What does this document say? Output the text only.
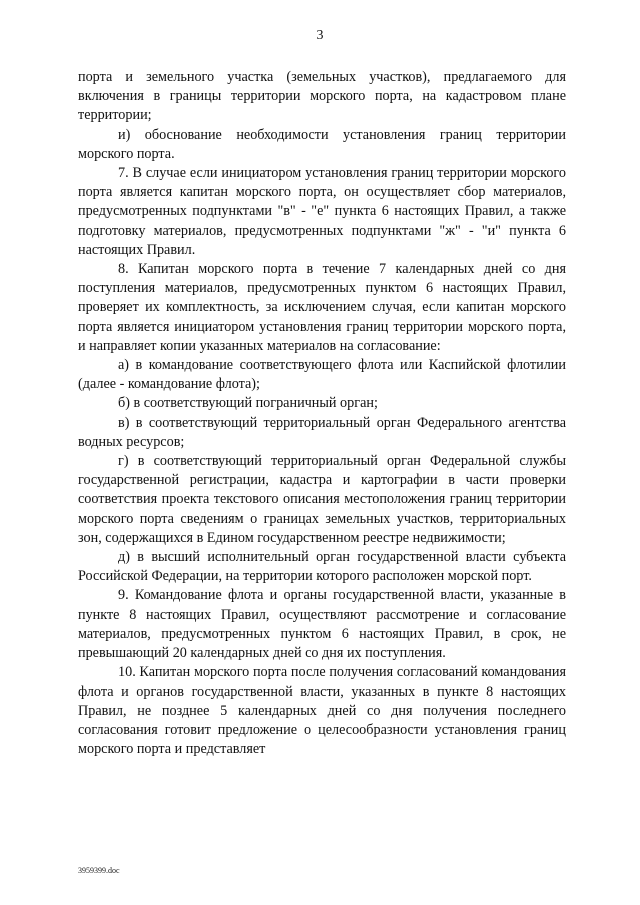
3

порта и земельного участка (земельных участков), предлагаемого для включения в границы территории морского порта, на кадастровом плане территории;

и) обоснование необходимости установления границ территории морского порта.

7. В случае если инициатором установления границ территории морского порта является капитан морского порта, он осуществляет сбор материалов, предусмотренных подпунктами "в" - "е" пункта 6 настоящих Правил, а также подготовку материалов, предусмотренных подпунктами "ж" - "и" пункта 6 настоящих Правил.

8. Капитан морского порта в течение 7 календарных дней со дня поступления материалов, предусмотренных пунктом 6 настоящих Правил, проверяет их комплектность, за исключением случая, если капитан морского порта является инициатором установления границ территории морского порта, и направляет копии указанных материалов на согласование:

а) в командование соответствующего флота или Каспийской флотилии (далее - командование флота);

б) в соответствующий пограничный орган;

в) в соответствующий территориальный орган Федерального агентства водных ресурсов;

г) в соответствующий территориальный орган Федеральной службы государственной регистрации, кадастра и картографии в части проверки соответствия проекта текстового описания местоположения границ территории морского порта сведениям о границах земельных участков, территориальных зон, содержащихся в Едином государственном реестре недвижимости;

д) в высший исполнительный орган государственной власти субъекта Российской Федерации, на территории которого расположен морской порт.

9. Командование флота и органы государственной власти, указанные в пункте 8 настоящих Правил, осуществляют рассмотрение и согласование материалов, предусмотренных пунктом 6 настоящих Правил, в срок, не превышающий 20 календарных дней со дня их поступления.

10. Капитан морского порта после получения согласований командования флота и органов государственной власти, указанных в пункте 8 настоящих Правил, не позднее 5 календарных дней со дня получения последнего согласования готовит предложение о целесообразности установления границ морского порта и представляет

3959399.doc
